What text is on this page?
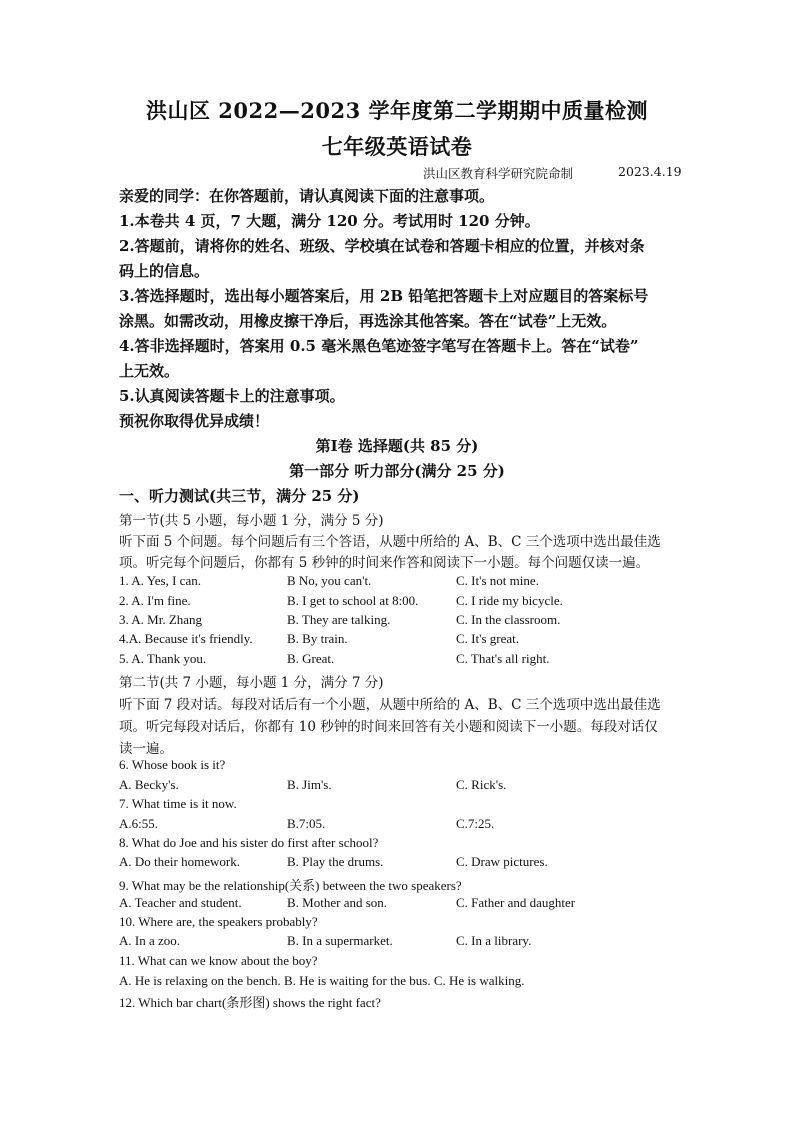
洪山区 2022—2023 学年度第二学期期中质量检测
七年级英语试卷
洪山区教育科学研究院命制	2023.4.19
亲爱的同学：在你答题前，请认真阅读下面的注意事项。
1.本卷共 4 页，7 大题，满分 120 分。考试用时 120 分钟。
2.答题前，请将你的姓名、班级、学校填在试卷和答题卡相应的位置，并核对条
码上的信息。
3.答选择题时，选出每小题答案后，用 2B 铅笔把答题卡上对应题目的答案标号
涂黑。如需改动，用橡皮擦干净后，再选涂其他答案。答在“试卷”上无效。
4.答非选择题时，答案用 0.5 毫米黑色笔迹签字笔写在答题卡上。答在“试卷”
上无效。
5.认真阅读答题卡上的注意事项。
预祝你取得优异成绩！
第Ⅰ卷 选择题(共 85 分)
第一部分 听力部分(满分 25 分)
一、听力测试(共三节，满分 25 分)
第一节(共 5 小题，每小题 1 分，满分 5 分)
听下面 5 个问题。每个问题后有三个答语，从题中所给的 A、B、C 三个选项中选出最佳选
项。听完每个问题后，你都有 5 秒钟的时间来作答和阅读下一小题。每个问题仅读一遍。
1. A. Yes, I can.	B No, you can't.	C. It's not mine.
2. A. I'm fine.	B. I get to school at 8:00.	C. I ride my bicycle.
3. A. Mr. Zhang	B. They are talking.	C. In the classroom.
4.A. Because it's friendly.	B. By train.	C. It's great.
5. A. Thank you.	B. Great.	C. That's all right.
第二节(共 7 小题，每小题 1 分，满分 7 分)
听下面 7 段对话。每段对话后有一个小题，从题中所给的 A、B、C 三个选项中选出最佳选
项。听完每段对话后，你都有 10 秒钟的时间来回答有关小题和阅读下一小题。每段对话仅
读一遍。
6. Whose book is it?
A. Becky's.	B. Jim's.	C. Rick's.
7. What time is it now.
A.6:55.	B.7:05.	C.7:25.
8. What do Joe and his sister do first after school?
A. Do their homework.	B. Play the drums.	C. Draw pictures.
9. What may be the relationship(关系) between the two speakers?
A. Teacher and student.	B. Mother and son.	C. Father and daughter
10. Where are, the speakers probably?
A. In a zoo.	B. In a supermarket.	C. In a library.
11. What can we know about the boy?
A. He is relaxing on the bench. B. He is waiting for the bus. C. He is walking.
12. Which bar chart(条形图) shows the right fact?
